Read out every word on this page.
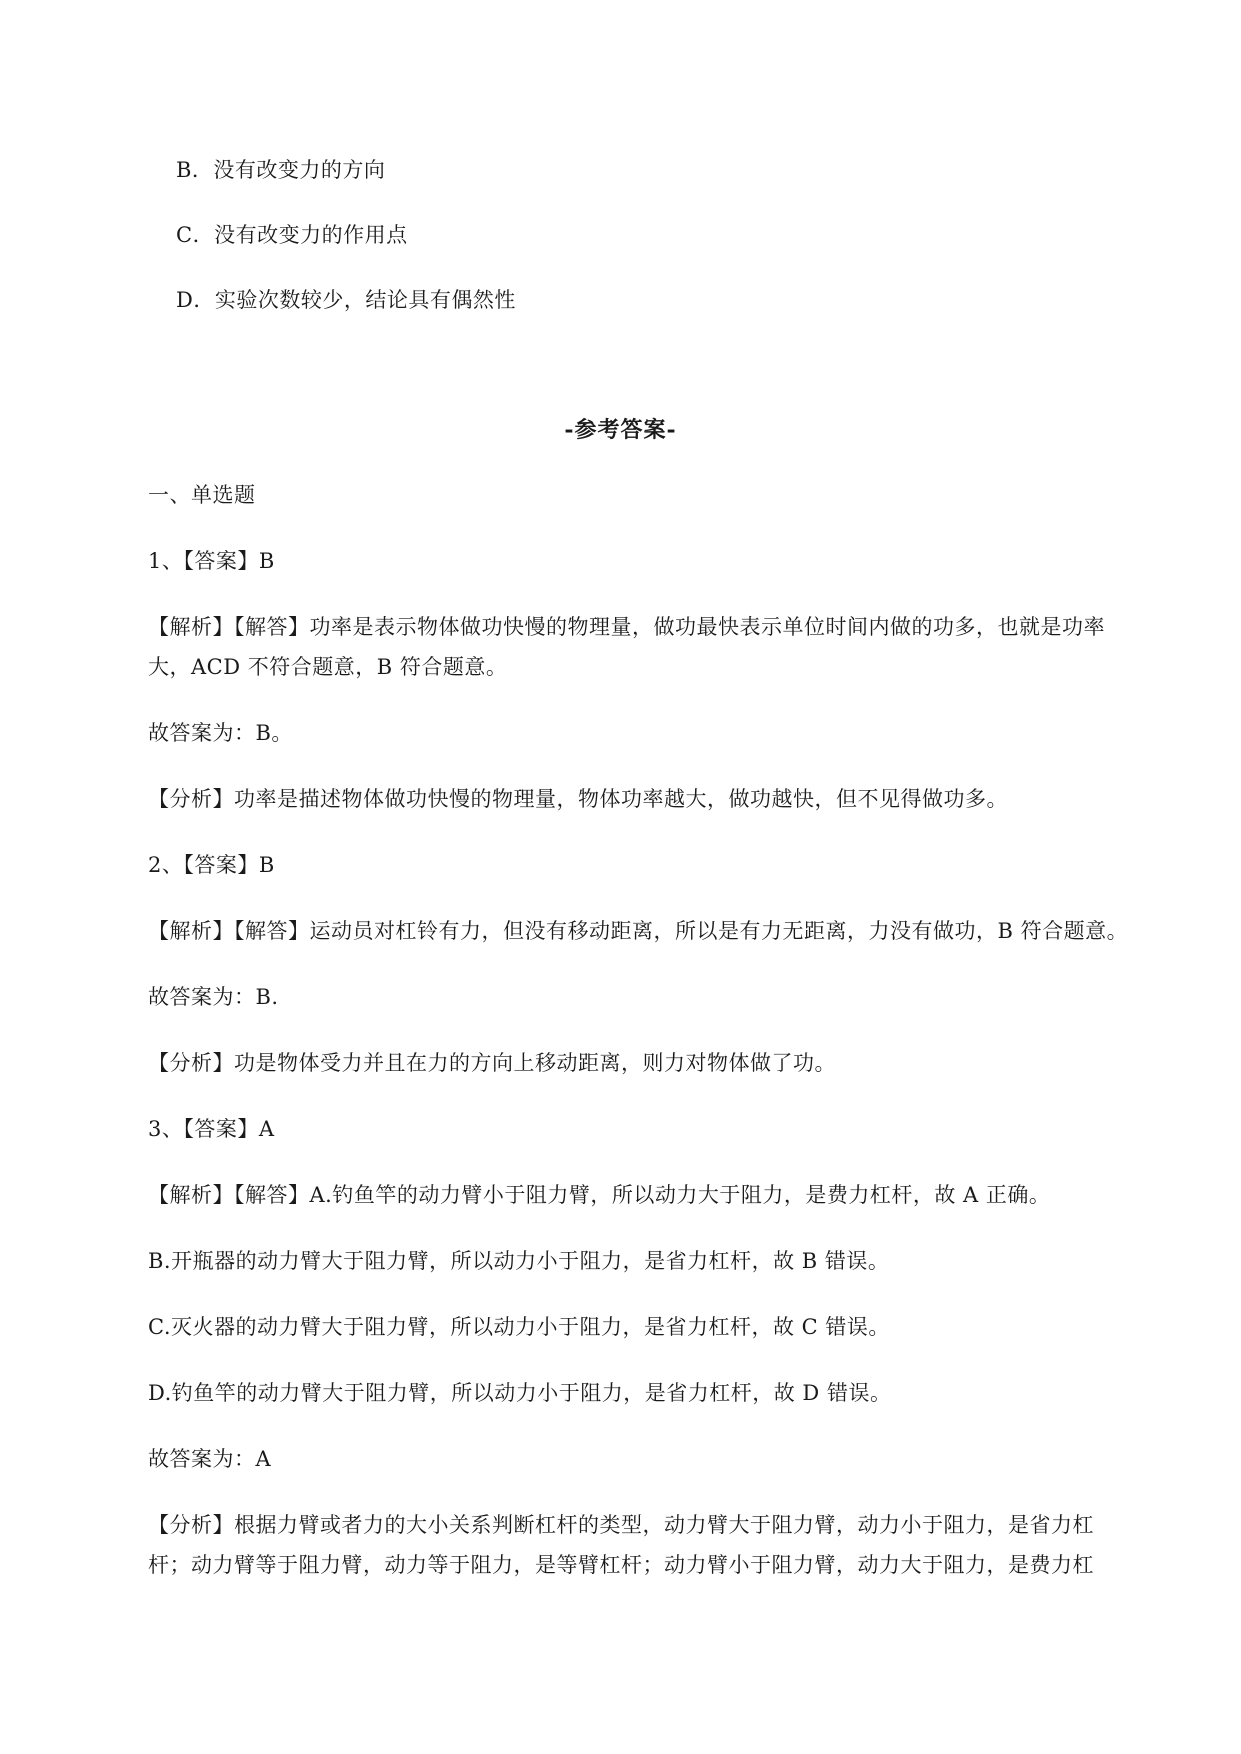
B．没有改变力的方向
C．没有改变力的作用点
D．实验次数较少，结论具有偶然性
-参考答案-
一、单选题
1、【答案】B
【解析】【解答】功率是表示物体做功快慢的物理量，做功最快表示单位时间内做的功多，也就是功率
大，ACD 不符合题意，B 符合题意。
故答案为：B。
【分析】功率是描述物体做功快慢的物理量，物体功率越大，做功越快，但不见得做功多。
2、【答案】B
【解析】【解答】运动员对杠铃有力，但没有移动距离，所以是有力无距离，力没有做功，B 符合题意。
故答案为：B.
【分析】功是物体受力并且在力的方向上移动距离，则力对物体做了功。
3、【答案】A
【解析】【解答】A.钓鱼竿的动力臂小于阻力臂，所以动力大于阻力，是费力杠杆，故 A 正确。
B.开瓶器的动力臂大于阻力臂，所以动力小于阻力，是省力杠杆，故 B 错误。
C.灭火器的动力臂大于阻力臂，所以动力小于阻力，是省力杠杆，故 C 错误。
D.钓鱼竿的动力臂大于阻力臂，所以动力小于阻力，是省力杠杆，故 D 错误。
故答案为：A
【分析】根据力臂或者力的大小关系判断杠杆的类型，动力臂大于阻力臂，动力小于阻力，是省力杠
杆；动力臂等于阻力臂，动力等于阻力，是等臂杠杆；动力臂小于阻力臂，动力大于阻力，是费力杠
